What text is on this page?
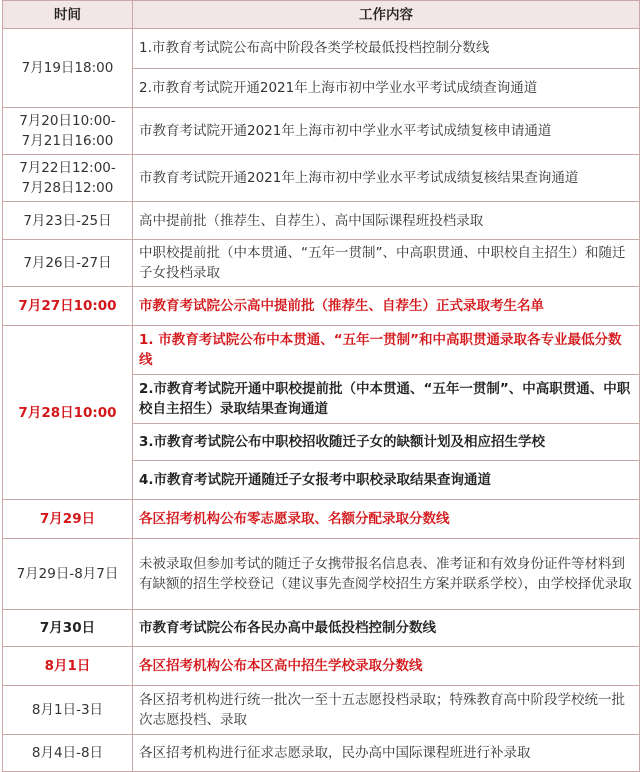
时间	工作内容
7月19日18:00	1.市教育考试院公布高中阶段各类学校最低投档控制分数线
	2.市教育考试院开通2021年上海市初中学业水平考试成绩查询通道

7月20日10:00-
7月21日16:00	市教育考试院开通2021年上海市初中学业水平考试成绩复核申请通道

7月22日12:00-
7月28日12:00	市教育考试院开通2021年上海市初中学业水平考试成绩复核结果查询通道
7月23日-25日	高中提前批（推荐生、自荐生）、高中国际课程班投档录取
7月26日-27日	中职校提前批（中本贯通、“五年一贯制”、中高职贯通、中职校自主招生）和随迁子女投档录取
7月27日10:00	市教育考试院公示高中提前批（推荐生、自荐生）正式录取考生名单
7月28日10:00	1. 市教育考试院公布中本贯通、“五年一贯制”和中高职贯通录取各专业最低分数线
	2.市教育考试院开通中职校提前批（中本贯通、“五年一贯制”、中高职贯通、中职校自主招生）录取结果查询通道
	3.市教育考试院公布中职校招收随迁子女的缺额计划及相应招生学校
	4.市教育考试院开通随迁子女报考中职校录取结果查询通道
7月29日	各区招考机构公布零志愿录取、名额分配录取分数线
7月29日-8月7日	未被录取但参加考试的随迁子女携带报名信息表、准考证和有效身份证件等材料到有缺额的招生学校登记（建议事先查阅学校招生方案并联系学校），由学校择优录取
7月30日	市教育考试院公布各民办高中最低投档控制分数线
8月1日	各区招考机构公布本区高中招生学校录取分数线
8月1日-3日	各区招考机构进行统一批次一至十五志愿投档录取；特殊教育高中阶段学校统一批次志愿投档、录取
8月4日-8日	各区招考机构进行征求志愿录取，民办高中国际课程班进行补录取
